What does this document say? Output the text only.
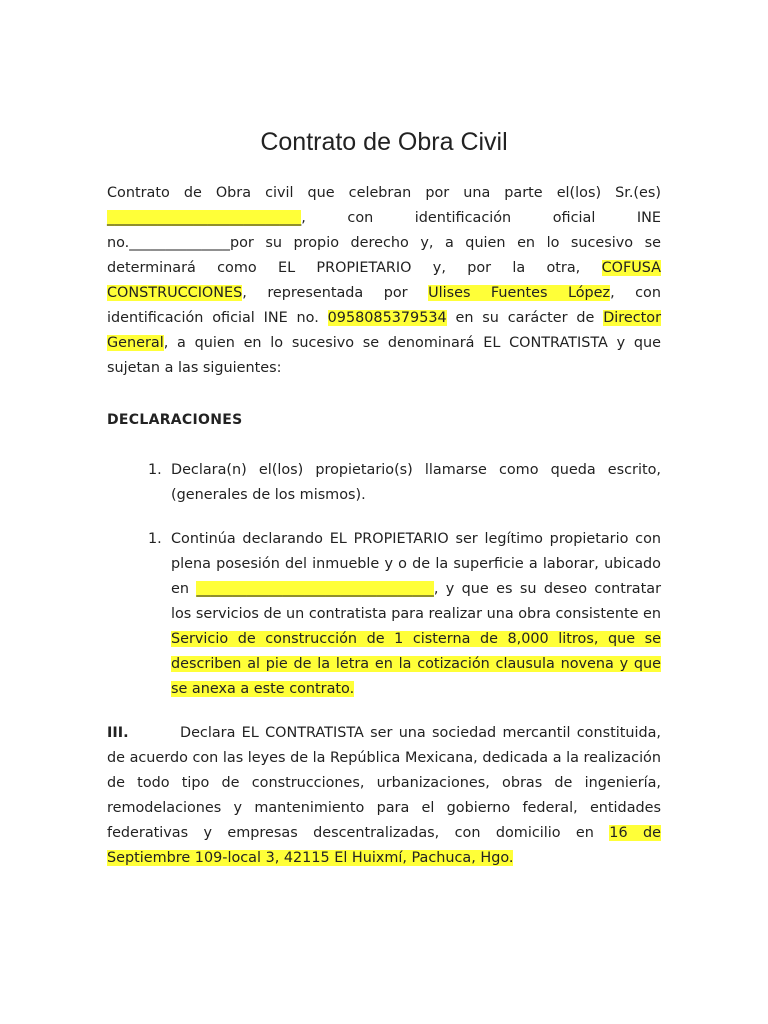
Contrato de Obra Civil

Contrato de Obra civil que celebran por una parte el(los) Sr.(es) ___________________________, con identificación oficial INE no.______________por su propio derecho y, a quien en lo sucesivo se determinará como EL PROPIETARIO y, por la otra, COFUSA CONSTRUCCIONES, representada por Ulises Fuentes López, con identificación oficial INE no. 0958085379534 en su carácter de Director General, a quien en lo sucesivo se denominará EL CONTRATISTA y que sujetan a las siguientes:

DECLARACIONES
1. Declara(n) el(los) propietario(s) llamarse como queda escrito, (generales de los mismos).

1. Continúa declarando EL PROPIETARIO ser legítimo propietario con plena posesión del inmueble y o de la superficie a laborar, ubicado en _________________________________, y que es su deseo contratar los servicios de un contratista para realizar una obra consistente en Servicio de construcción de 1 cisterna de 8,000 litros, que se describen al pie de la letra en la cotización clausula novena y que se anexa a este contrato.

III.	Declara EL CONTRATISTA ser una sociedad mercantil constituida, de acuerdo con las leyes de la República Mexicana, dedicada a la realización de todo tipo de construcciones, urbanizaciones, obras de ingeniería, remodelaciones y mantenimiento para el gobierno federal, entidades federativas y empresas descentralizadas, con domicilio en 16 de Septiembre 109-local 3, 42115 El Huixmí, Pachuca, Hgo.
